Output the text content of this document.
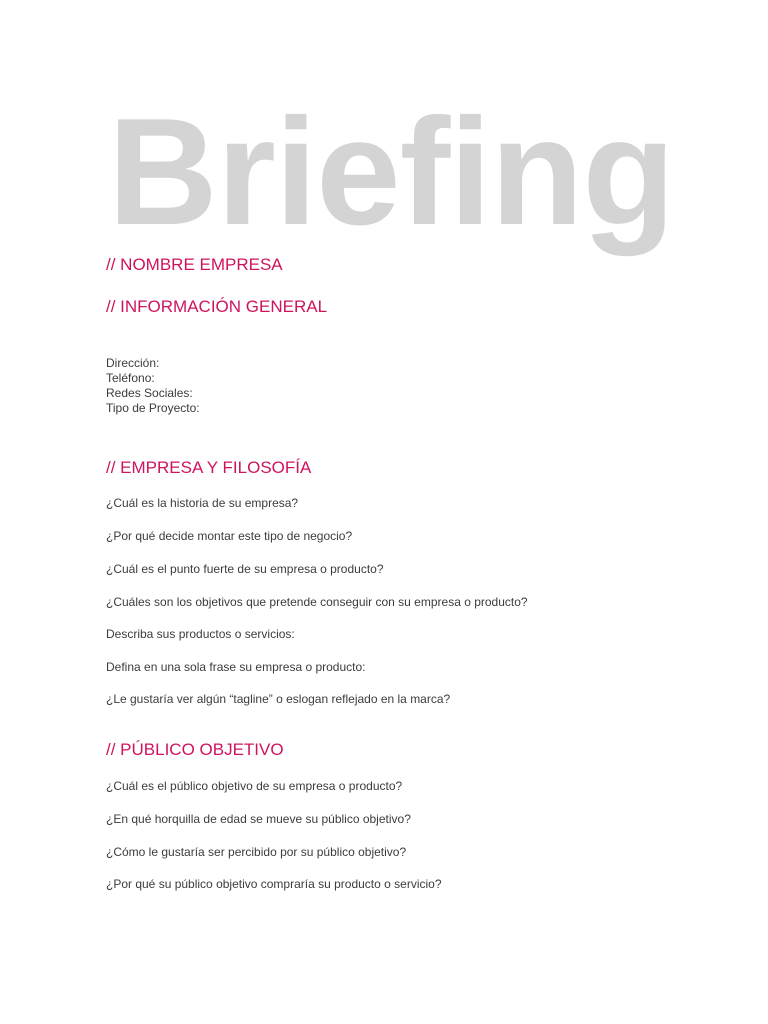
Briefing
// NOMBRE EMPRESA
// INFORMACIÓN GENERAL
Dirección:
Teléfono:
Redes Sociales:
Tipo de Proyecto:
// EMPRESA Y FILOSOFÍA

¿Cuál es la historia de su empresa?

¿Por qué decide montar este tipo de negocio?

¿Cuál es el punto fuerte de su empresa o producto?

¿Cuáles son los objetivos que pretende conseguir con su empresa o producto?

Describa sus productos o servicios:

Defina en una sola frase su empresa o producto:

¿Le gustaría ver algún “tagline” o eslogan reflejado en la marca?

// PÚBLICO OBJETIVO

¿Cuál es el público objetivo de su empresa o producto?

¿En qué horquilla de edad se mueve su público objetivo?

¿Cómo le gustaría ser percibido por su público objetivo?

¿Por qué su público objetivo compraría su producto o servicio?
